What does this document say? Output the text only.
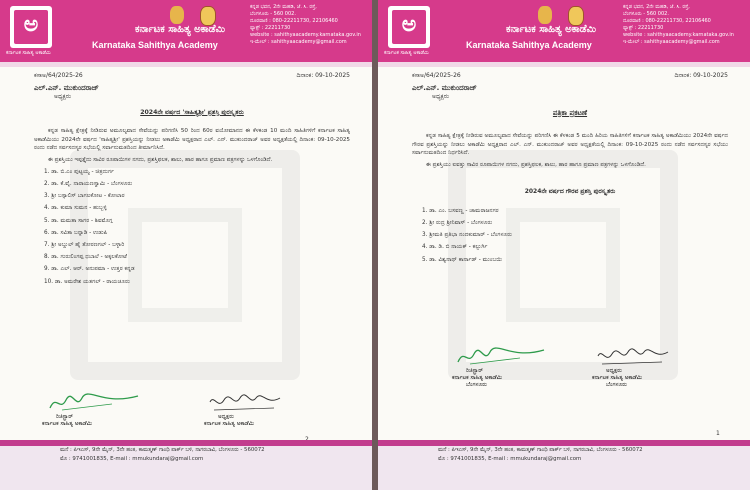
ಅ
ಕರ್ನಾಟಕ ಸಾಹಿತ್ಯ ಅಕಾಡೆಮಿ
ಕರ್ನಾಟಕ ಸಾಹಿತ್ಯ ಅಕಾಡೆಮಿ
Karnataka Sahithya Academy
ಕನ್ನಡ ಭವನ, 2ನೇ ಮಹಡಿ, ಜೆ. ಸಿ. ರಸ್ತೆ,
ಬೆಂಗಳೂರು - 560 002.
ದೂರವಾಣಿ : 080-22211730, 22106460
ಫ್ಯಾಕ್ಸ್ : 22211730
website : sahithyaacademy.karnataka.gov.in
ಇ-ಮೇಲ್ : sahithyaacademy@gmail.com
ಕಸಾಅ/64/2025-26	ದಿನಾಂಕ: 09-10-2025
ಎಲ್.ಎನ್. ಮುಕುಂದರಾಜ್
ಅಧ್ಯಕ್ಷರು
2024ನೇ ವರ್ಷದ 'ಸಾಹಿತ್ಯಶ್ರೀ' ಪ್ರಶಸ್ತಿ ಪುರಸ್ಕೃತರು
ಕನ್ನಡ ಸಾಹಿತ್ಯ ಕ್ಷೇತ್ರಕ್ಕೆ ನೀಡಿರುವ ಅಮೂಲ್ಯವಾದ ಸೇವೆಯನ್ನು ಪರಿಗಣಿಸಿ 50 ರಿಂದ 60ರ ವಯೋಮಾನದ ಈ ಕೆಳಕಂಡ 10 ಮಂದಿ ಸಾಹಿತಿಗಳಿಗೆ ಕರ್ನಾಟಕ ಸಾಹಿತ್ಯ ಅಕಾಡೆಮಿಯು 2024ನೇ ವರ್ಷದ 'ಸಾಹಿತ್ಯಶ್ರೀ' ಪ್ರಶಸ್ತಿಯನ್ನು ನೀಡಲು ಅಕಾಡೆಮಿ ಅಧ್ಯಕ್ಷರಾದ ಎಲ್. ಎನ್. ಮುಕುಂದರಾಜ್ ಅವರ ಅಧ್ಯಕ್ಷತೆಯಲ್ಲಿ ದಿನಾಂಕ: 09-10-2025 ರಂದು ನಡೆದ ಸರ್ವಸದಸ್ಯರ ಸಭೆಯಲ್ಲಿ ಸರ್ವಾನುಮತದಿಂದ ತೀರ್ಮಾನಿಸಿದೆ.
ಈ ಪ್ರಶಸ್ತಿಯು ಇಪ್ಪತ್ತೈದು ಸಾವಿರ ರೂಪಾಯಿಗಳ ನಗದು, ಪ್ರಶಸ್ತಿಫಲಕ, ಶಾಲು, ಹಾರ ಹಾಗೂ ಪ್ರಮಾಣ ಪತ್ರಗಳನ್ನು ಒಳಗೊಂಡಿದೆ.
1. ಡಾ. ಬಿ.ಎಂ ಪುಟ್ಟಯ್ಯ - ಚಿತ್ರದುರ್ಗ
2. ಡಾ. ಕೆ.ವೈ. ನಾರಾಯಣಸ್ವಾಮಿ - ಬೆಂಗಳೂರು
3. ಶ್ರೀ ಬಸ್ಸಾಲಿಸ್ ಬಾಗಲಕೋಟ - ಕೋಲಾರ
4. ಡಾ. ಕುಮಾ ಸುಮನ - ಹುಬ್ಬಳ್ಳಿ
5. ಡಾ. ಮಮತಾ ಸಾಗರ - ಶಿವಮೊಗ್ಗ
6. ಡಾ. ಸವಿತಾ ಬನ್ನಾಡಿ - ಉಡುಪಿ
7. ಶ್ರೀ ಅಬ್ದುಲ್ ಹೈ ತೋರಣಗಲ್ - ಬಳ್ಳಾರಿ
8. ಡಾ. ಗುರುಲಿಂಗಪ್ಪ ಧಬಾಲೆ - ಅಕ್ಕಲಕೋಟೆ
9. ಡಾ. ಎಲ್. ಆರ್. ಅನುಪಮಾ - ಉತ್ತರ ಕನ್ನಡ
10. ಡಾ. ಅಮರೇಶ ಯತಗಲ್ - ರಾಯಚೂರು
ರಿಜಿಸ್ಟ್ರಾರ್
ಕರ್ನಾಟಕ ಸಾಹಿತ್ಯ ಅಕಾಡೆಮಿ
ಅಧ್ಯಕ್ಷರು
ಕರ್ನಾಟಕ ಸಾಹಿತ್ಯ ಅಕಾಡೆಮಿ
ಮನೆ : ಪಿಇಎಸ್, 9ನೇ ಮೈನ್, 3ನೇ ಹಂತ, ಕಾಮತ್ಮಣ್ ಗಾಂಧಿ ಪಾರ್ಕ್ ಬಳಿ, ನಾಗರಬಾವಿ, ಬೆಂಗಳೂರು - 560072
ಮೊ : 9741001835, E-mail : mmukundaraj@gmail.com
ಅ
ಕರ್ನಾಟಕ ಸಾಹಿತ್ಯ ಅಕಾಡೆಮಿ
ಕರ್ನಾಟಕ ಸಾಹಿತ್ಯ ಅಕಾಡೆಮಿ
Karnataka Sahithya Academy
ಕನ್ನಡ ಭವನ, 2ನೇ ಮಹಡಿ, ಜೆ. ಸಿ. ರಸ್ತೆ,
ಬೆಂಗಳೂರು - 560 002.
ದೂರವಾಣಿ : 080-22211730, 22106460
ಫ್ಯಾಕ್ಸ್ : 22211730
website : sahithyaacademy.karnataka.gov.in
ಇ-ಮೇಲ್ : sahithyaacademy@gmail.com
ಕಸಾಅ/64/2025-26	ದಿನಾಂಕ: 09-10-2025
ಎಲ್.ಎನ್. ಮುಕುಂದರಾಜ್
ಅಧ್ಯಕ್ಷರು
ಪತ್ರಿಕಾ ಪ್ರಕಟಣೆ
ಕನ್ನಡ ಸಾಹಿತ್ಯ ಕ್ಷೇತ್ರಕ್ಕೆ ನೀಡಿರುವ ಅಮೂಲ್ಯವಾದ ಸೇವೆಯನ್ನು ಪರಿಗಣಿಸಿ ಈ ಕೆಳಕಂಡ 5 ಮಂದಿ ಹಿರಿಯ ಸಾಹಿತಿಗಳಿಗೆ ಕರ್ನಾಟಕ ಸಾಹಿತ್ಯ ಅಕಾಡೆಮಿಯು 2024ನೇ ವರ್ಷದ ಗೌರವ ಪ್ರಶಸ್ತಿಯನ್ನು ನೀಡಲು ಅಕಾಡೆಮಿ ಅಧ್ಯಕ್ಷರಾದ ಎಲ್. ಎನ್. ಮುಕುಂದರಾಜ್ ಅವರ ಅಧ್ಯಕ್ಷತೆಯಲ್ಲಿ ದಿನಾಂಕ: 09-10-2025 ರಂದು ನಡೆದ ಸರ್ವಸದಸ್ಯರ ಸಭೆಯು ಸರ್ವಾನುಮತದಿಂದ ನಿರ್ಧರಿಸಿದೆ.
ಈ ಪ್ರಶಸ್ತಿಯು ಐವತ್ತು ಸಾವಿರ ರೂಪಾಯಿಗಳ ನಗದು, ಪ್ರಶಸ್ತಿಫಲಕ, ಶಾಲು, ಹಾರ ಹಾಗೂ ಪ್ರಮಾಣ ಪತ್ರಗಳನ್ನು ಒಳಗೊಂಡಿದೆ.
2024ನೇ ವರ್ಷದ ಗೌರವ ಪ್ರಶಸ್ತಿ ಪುರಸ್ಕೃತರು
1. ಡಾ. ಎಂ. ಬಸವಣ್ಣ - ಚಾಮರಾಜನಗರ
2. ಶ್ರೀ ರುದ್ರ ಶ್ರೀನಿವಾಸ್ - ಬೆಂಗಳೂರು
3. ಶ್ರೀಮತಿ ಪ್ರತಿಭಾ ನಂದಕುಮಾರ್ - ಬೆಂಗಳೂರು
4. ಡಾ. ಡಿ. ಬಿ ನಾಯಕ್ - ಕಲ್ಬುರ್ಗಿ
5. ಡಾ. ವಿಶ್ವನಾಥ್ ಕಾರ್ನಾಡ್ - ಮುಂಬಯಿ
ರಿಜಿಸ್ಟ್ರಾರ್
ಕರ್ನಾಟಕ ಸಾಹಿತ್ಯ ಅಕಾಡೆಮಿ
ಬೆಂಗಳೂರು
ಅಧ್ಯಕ್ಷರು
ಕರ್ನಾಟಕ ಸಾಹಿತ್ಯ ಅಕಾಡೆಮಿ
ಬೆಂಗಳೂರು
1
ಮನೆ : ಪಿಇಎಸ್, 9ನೇ ಮೈನ್, 3ನೇ ಹಂತ, ಕಾಮತ್ಮಣ್ ಗಾಂಧಿ ಪಾರ್ಕ್ ಬಳಿ, ನಾಗರಬಾವಿ, ಬೆಂಗಳೂರು - 560072
ಮೊ : 9741001835, E-mail : mmukundaraj@gmail.com
